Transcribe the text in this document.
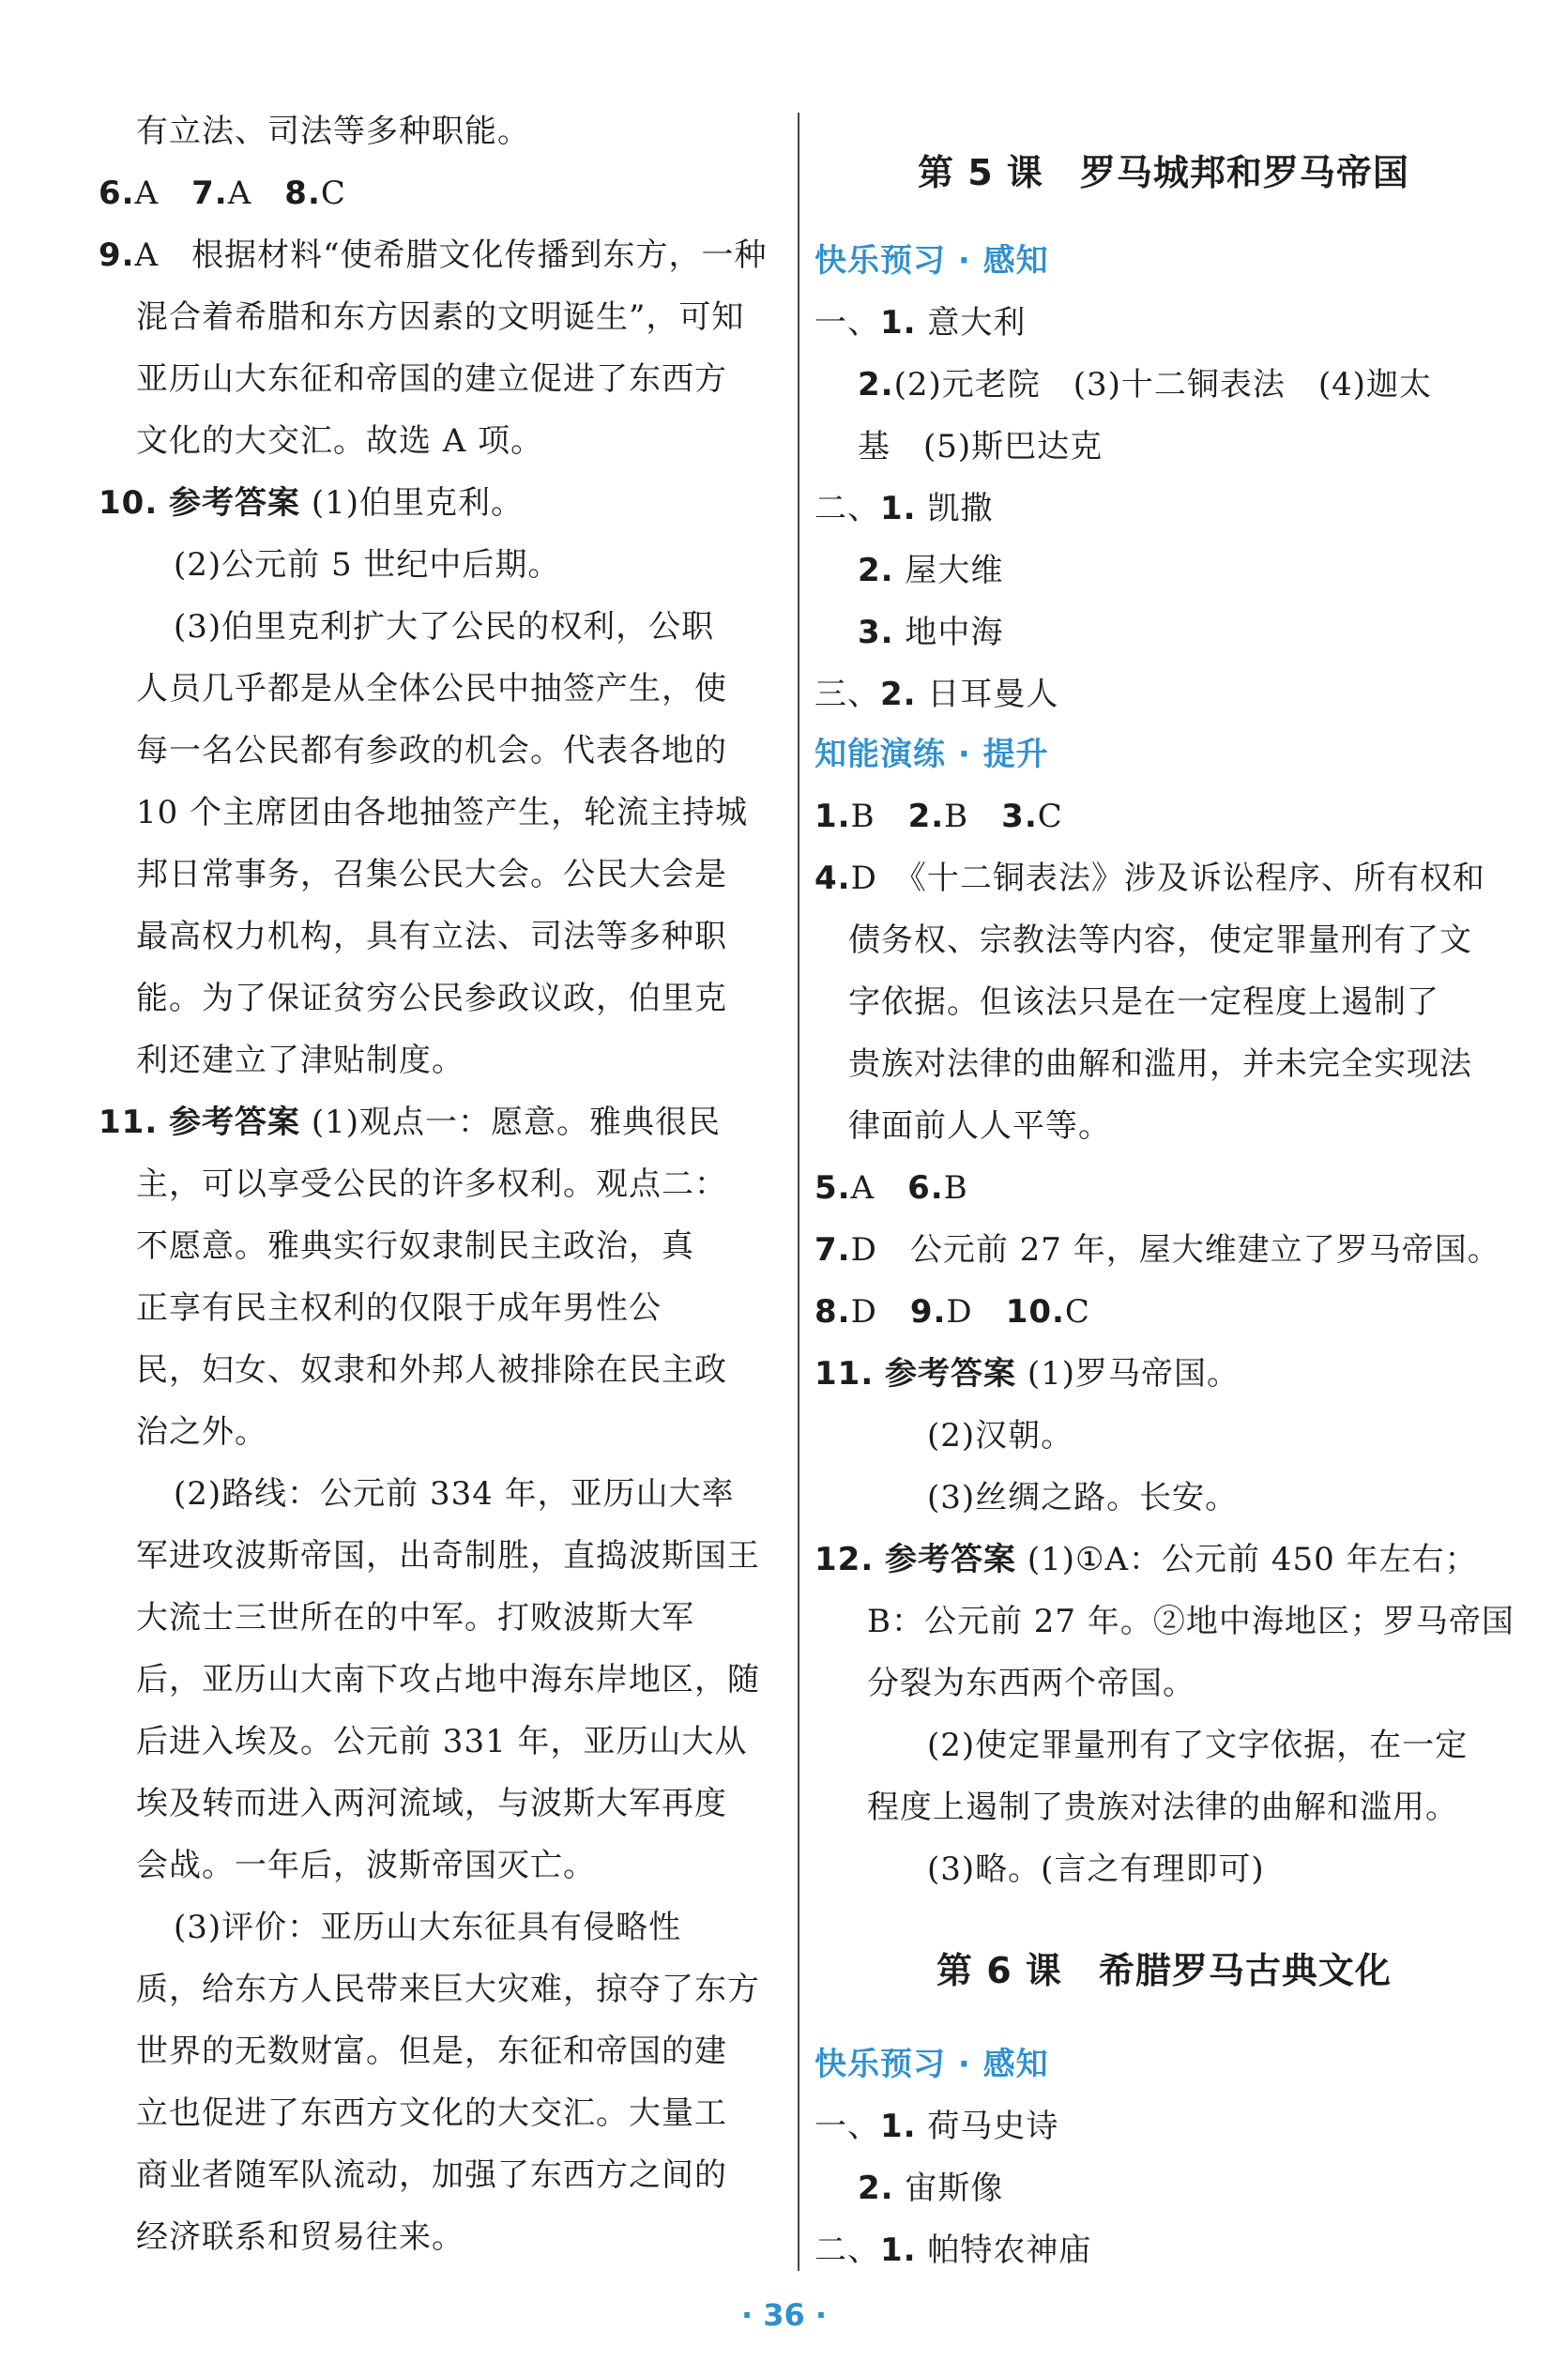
有立法、司法等多种职能。
6.A　 7.A　 8.C
9.A　 根据材料“使希腊文化传播到东方，一种
混合着希腊和东方因素的文明诞生”，可知
亚历山大东征和帝国的建立促进了东西方
文化的大交汇。故选 A 项。
10. 参考答案 (1)伯里克利。
(2)公元前 5 世纪中后期。
(3)伯里克利扩大了公民的权利，公职
人员几乎都是从全体公民中抽签产生，使
每一名公民都有参政的机会。代表各地的
10 个主席团由各地抽签产生，轮流主持城
邦日常事务，召集公民大会。公民大会是
最高权力机构，具有立法、司法等多种职
能。为了保证贫穷公民参政议政，伯里克
利还建立了津贴制度。
11. 参考答案 (1)观点一：愿意。雅典很民
主，可以享受公民的许多权利。观点二：
不愿意。雅典实行奴隶制民主政治，真
正享有民主权利的仅限于成年男性公
民，妇女、奴隶和外邦人被排除在民主政
治之外。
(2)路线：公元前 334 年，亚历山大率
军进攻波斯帝国，出奇制胜，直捣波斯国王
大流士三世所在的中军。打败波斯大军
后，亚历山大南下攻占地中海东岸地区，随
后进入埃及。公元前 331 年，亚历山大从
埃及转而进入两河流域，与波斯大军再度
会战。一年后，波斯帝国灭亡。
(3)评价：亚历山大东征具有侵略性
质，给东方人民带来巨大灾难，掠夺了东方
世界的无数财富。但是，东征和帝国的建
立也促进了东西方文化的大交汇。大量工
商业者随军队流动，加强了东西方之间的
经济联系和贸易往来。
第 5 课　罗马城邦和罗马帝国
快乐预习 · 感知
一、1. 意大利
2.(2)元老院　(3)十二铜表法　(4)迦太
基　(5)斯巴达克
二、1. 凯撒
2. 屋大维
3. 地中海
三、2. 日耳曼人
知能演练 · 提升
1.B　 2.B　 3.C
4.D　 《十二铜表法》涉及诉讼程序、所有权和
债务权、宗教法等内容，使定罪量刑有了文
字依据。但该法只是在一定程度上遏制了
贵族对法律的曲解和滥用，并未完全实现法
律面前人人平等。
5.A　 6.B
7.D　 公元前 27 年，屋大维建立了罗马帝国。
8.D　 9.D　 10.C
11. 参考答案 (1)罗马帝国。
(2)汉朝。
(3)丝绸之路。长安。
12. 参考答案 (1)①A：公元前 450 年左右；
B：公元前 27 年。②地中海地区；罗马帝国
分裂为东西两个帝国。
(2)使定罪量刑有了文字依据，在一定
程度上遏制了贵族对法律的曲解和滥用。
(3)略。(言之有理即可)
第 6 课　希腊罗马古典文化
快乐预习 · 感知
一、1. 荷马史诗
2. 宙斯像
二、1. 帕特农神庙
· 36 ·
